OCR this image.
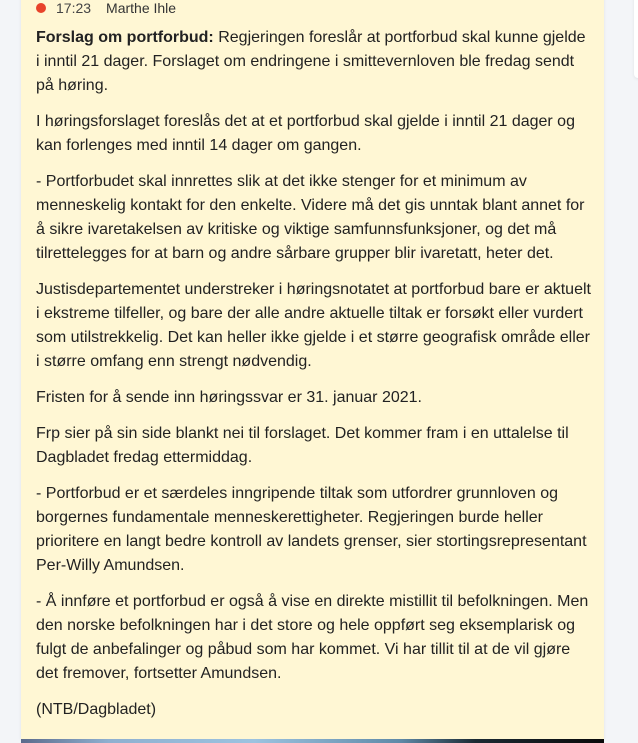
17:23 Marthe Ihle

Forslag om portforbud: Regjeringen foreslår at portforbud skal kunne gjelde i inntil 21 dager. Forslaget om endringene i smittevernloven ble fredag sendt på høring.

I høringsforslaget foreslås det at et portforbud skal gjelde i inntil 21 dager og kan forlenges med inntil 14 dager om gangen.

- Portforbudet skal innrettes slik at det ikke stenger for et minimum av menneskelig kontakt for den enkelte. Videre må det gis unntak blant annet for å sikre ivaretakelsen av kritiske og viktige samfunnsfunksjoner, og det må tilrettelegges for at barn og andre sårbare grupper blir ivaretatt, heter det.

Justisdepartementet understreker i høringsnotatet at portforbud bare er aktuelt i ekstreme tilfeller, og bare der alle andre aktuelle tiltak er forsøkt eller vurdert som utilstrekkelig. Det kan heller ikke gjelde i et større geografisk område eller i større omfang enn strengt nødvendig.

Fristen for å sende inn høringssvar er 31. januar 2021.

Frp sier på sin side blankt nei til forslaget. Det kommer fram i en uttalelse til Dagbladet fredag ettermiddag.

- Portforbud er et særdeles inngripende tiltak som utfordrer grunnloven og borgernes fundamentale menneskerettigheter. Regjeringen burde heller prioritere en langt bedre kontroll av landets grenser, sier stortingsrepresentant Per-Willy Amundsen.

- Å innføre et portforbud er også å vise en direkte mistillit til befolkningen. Men den norske befolkningen har i det store og hele oppført seg eksemplarisk og fulgt de anbefalinger og påbud som har kommet. Vi har tillit til at de vil gjøre det fremover, fortsetter Amundsen.

(NTB/Dagbladet)
